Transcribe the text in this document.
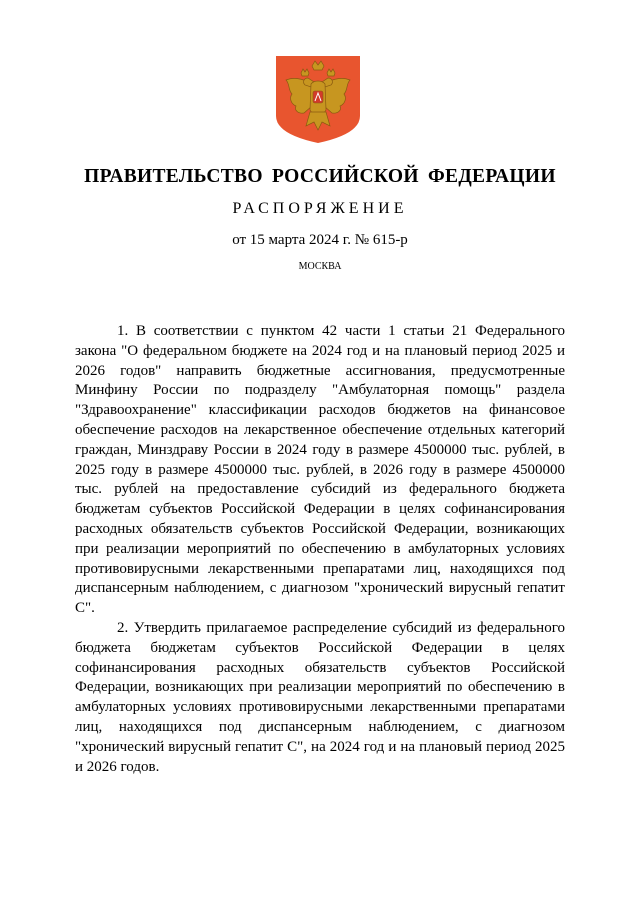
ПРАВИТЕЛЬСТВО РОССИЙСКОЙ ФЕДЕРАЦИИ
РАСПОРЯЖЕНИЕ
от 15 марта 2024 г. № 615-р
МОСКВА

1. В соответствии с пунктом 42 части 1 статьи 21 Федерального закона "О федеральном бюджете на 2024 год и на плановый период 2025 и 2026 годов" направить бюджетные ассигнования, предусмотренные Минфину России по подразделу "Амбулаторная помощь" раздела "Здравоохранение" классификации расходов бюджетов на финансовое обеспечение расходов на лекарственное обеспечение отдельных категорий граждан, Минздраву России в 2024 году в размере 4500000 тыс. рублей, в 2025 году в размере 4500000 тыс. рублей, в 2026 году в размере 4500000 тыс. рублей на предоставление субсидий из федерального бюджета бюджетам субъектов Российской Федерации в целях софинансирования расходных обязательств субъектов Российской Федерации, возникающих при реализации мероприятий по обеспечению в амбулаторных условиях противовирусными лекарственными препаратами лиц, находящихся под диспансерным наблюдением, с диагнозом "хронический вирусный гепатит C".

2. Утвердить прилагаемое распределение субсидий из федерального бюджета бюджетам субъектов Российской Федерации в целях софинансирования расходных обязательств субъектов Российской Федерации, возникающих при реализации мероприятий по обеспечению в амбулаторных условиях противовирусными лекарственными препаратами лиц, находящихся под диспансерным наблюдением, с диагнозом "хронический вирусный гепатит C", на 2024 год и на плановый период 2025 и 2026 годов.
